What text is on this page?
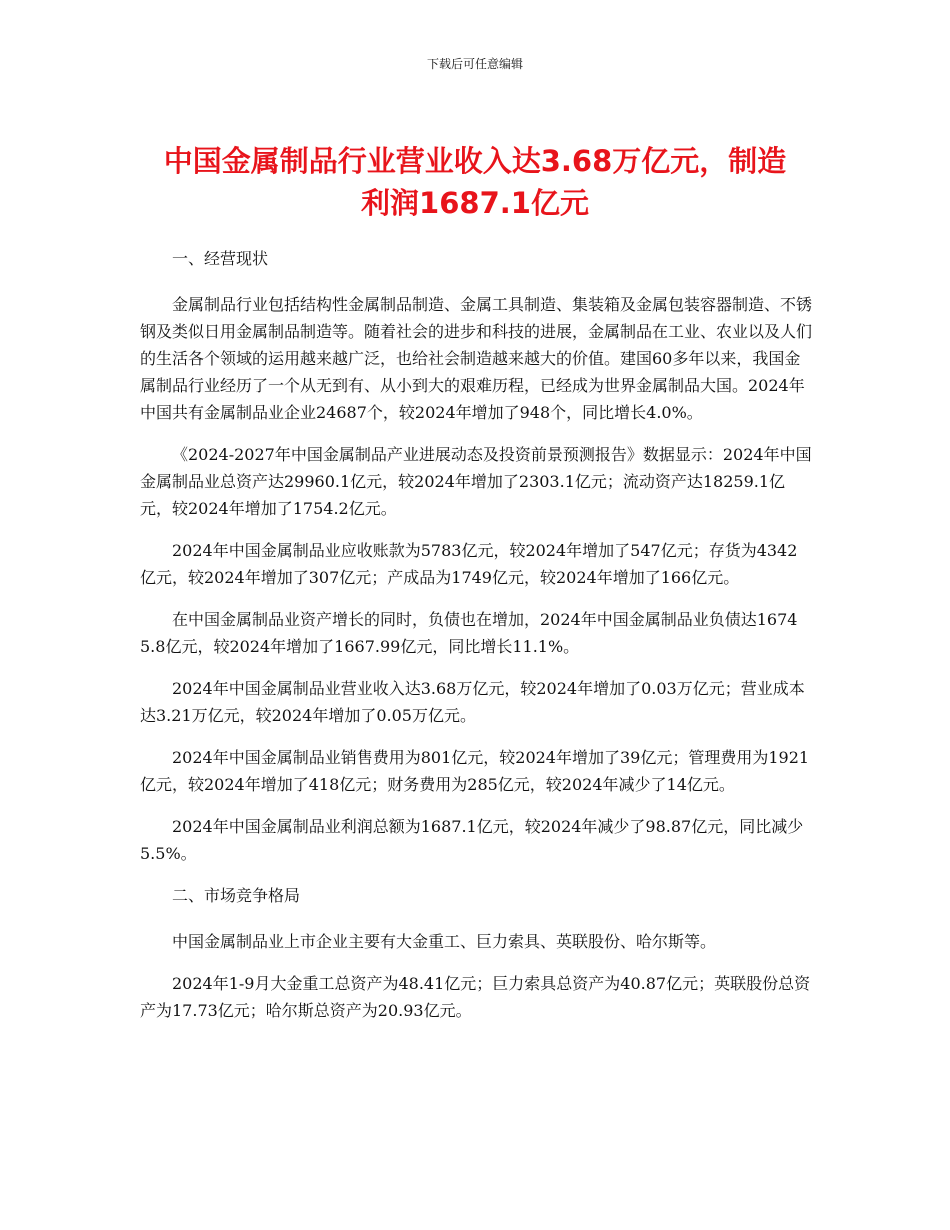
下载后可任意编辑
中国金属制品行业营业收入达3.68万亿元，制造利润1687.1亿元

一、经营现状

金属制品行业包括结构性金属制品制造、金属工具制造、集装箱及金属包装容器制造、不锈钢及类似日用金属制品制造等。随着社会的进步和科技的进展，金属制品在工业、农业以及人们的生活各个领域的运用越来越广泛，也给社会制造越来越大的价值。建国60多年以来，我国金属制品行业经历了一个从无到有、从小到大的艰难历程，已经成为世界金属制品大国。2024年中国共有金属制品业企业24687个，较2024年增加了948个，同比增长4.0%。

《2024-2027年中国金属制品产业进展动态及投资前景预测报告》数据显示：2024年中国金属制品业总资产达29960.1亿元，较2024年增加了2303.1亿元；流动资产达18259.1亿元，较2024年增加了1754.2亿元。

2024年中国金属制品业应收账款为5783亿元，较2024年增加了547亿元；存货为4342亿元，较2024年增加了307亿元；产成品为1749亿元，较2024年增加了166亿元。

在中国金属制品业资产增长的同时，负债也在增加，2024年中国金属制品业负债达16745.8亿元，较2024年增加了1667.99亿元，同比增长11.1%。

2024年中国金属制品业营业收入达3.68万亿元，较2024年增加了0.03万亿元；营业成本达3.21万亿元，较2024年增加了0.05万亿元。

2024年中国金属制品业销售费用为801亿元，较2024年增加了39亿元；管理费用为1921亿元，较2024年增加了418亿元；财务费用为285亿元，较2024年减少了14亿元。

2024年中国金属制品业利润总额为1687.1亿元，较2024年减少了98.87亿元，同比减少5.5%。

二、市场竞争格局

中国金属制品业上市企业主要有大金重工、巨力索具、英联股份、哈尔斯等。

2024年1-9月大金重工总资产为48.41亿元；巨力索具总资产为40.87亿元；英联股份总资产为17.73亿元；哈尔斯总资产为20.93亿元。
